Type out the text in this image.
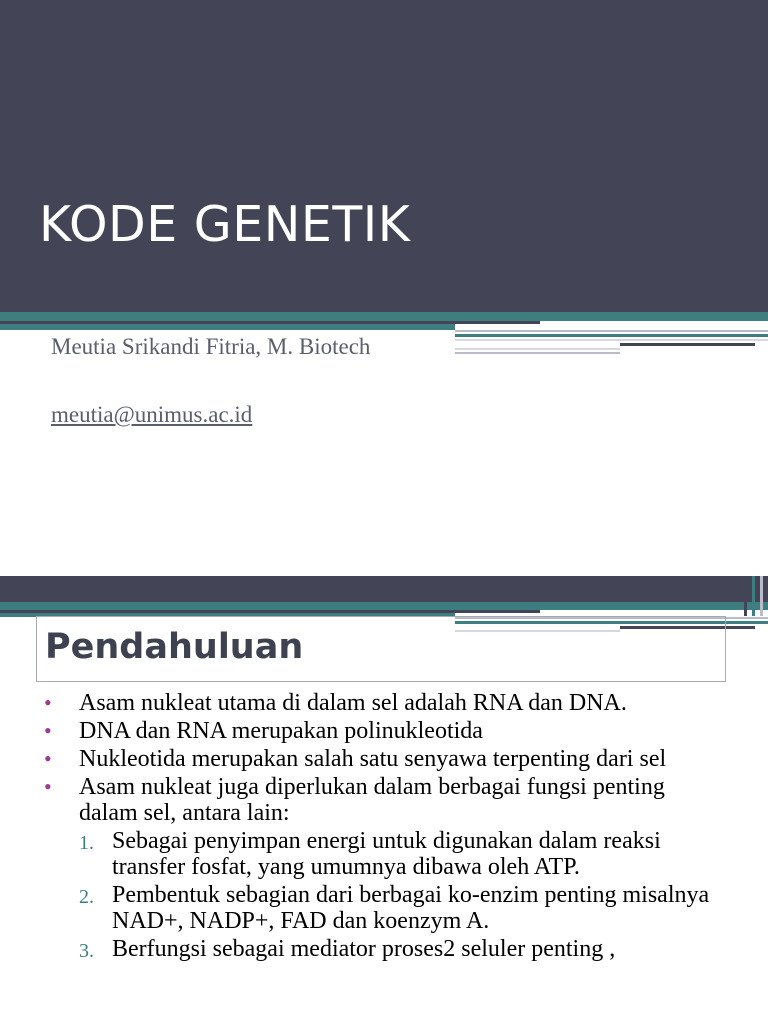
KODE GENETIK
Meutia Srikandi Fitria, M. Biotech
meutia@unimus.ac.id
Pendahuluan
• Asam nukleat utama di dalam sel adalah RNA dan DNA.
• DNA dan RNA merupakan polinukleotida
• Nukleotida merupakan salah satu senyawa terpenting dari sel
• Asam nukleat juga diperlukan dalam berbagai fungsi penting dalam sel, antara lain:
1. Sebagai penyimpan energi untuk digunakan dalam reaksi transfer fosfat, yang umumnya dibawa oleh ATP.
2. Pembentuk sebagian dari berbagai ko-enzim penting misalnya NAD+, NADP+, FAD dan koenzym A.
3. Berfungsi sebagai mediator proses2 seluler penting ,
